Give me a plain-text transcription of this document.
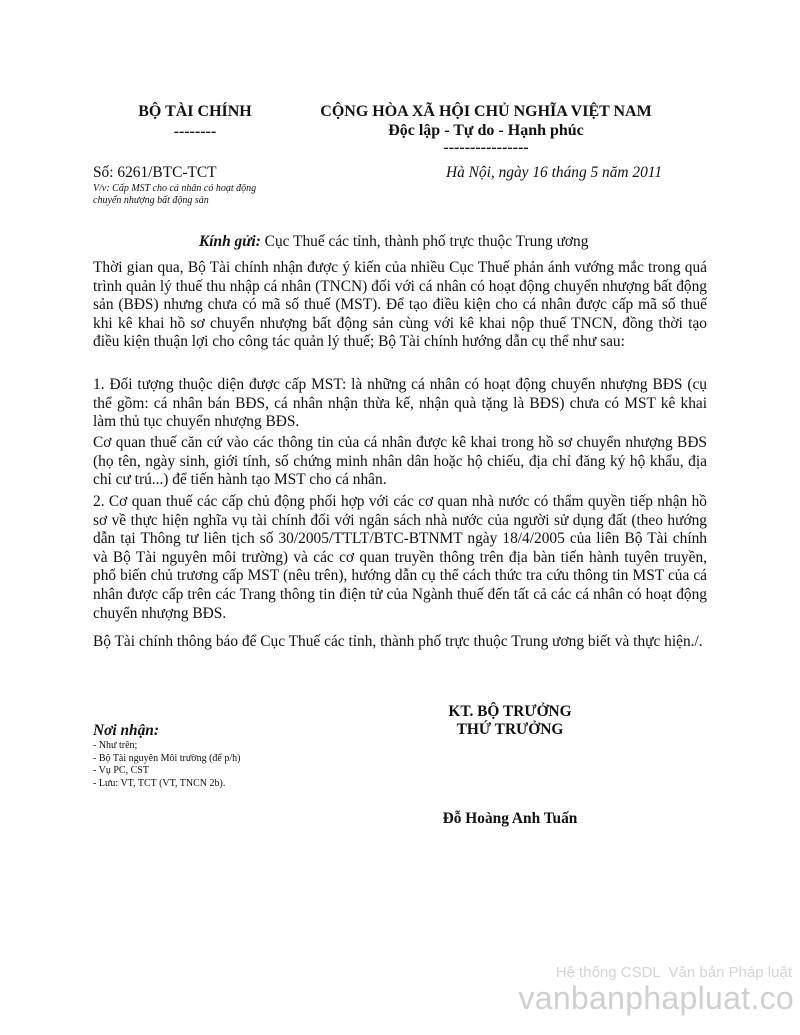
BỘ TÀI CHÍNH
--------
CỘNG HÒA XÃ HỘI CHỦ NGHĨA VIỆT NAM
Độc lập - Tự do - Hạnh phúc
----------------
Số: 6261/BTC-TCT
V/v: Cấp MST cho cá nhân có hoạt động
chuyển nhượng bất động sản
Hà Nội, ngày 16 tháng 5 năm 2011
Kính gửi: Cục Thuế các tỉnh, thành phố trực thuộc Trung ương
Thời gian qua, Bộ Tài chính nhận được ý kiến của nhiều Cục Thuế phản ánh vướng mắc trong quá trình quản lý thuế thu nhập cá nhân (TNCN) đối với cá nhân có hoạt động chuyển nhượng bất động sản (BĐS) nhưng chưa có mã số thuế (MST). Để tạo điều kiện cho cá nhân được cấp mã số thuế khi kê khai hồ sơ chuyển nhượng bất động sản cùng với kê khai nộp thuế TNCN, đồng thời tạo điều kiện thuận lợi cho công tác quản lý thuế; Bộ Tài chính hướng dẫn cụ thể như sau:
1. Đối tượng thuộc diện được cấp MST: là những cá nhân có hoạt động chuyển nhượng BĐS (cụ thể gồm: cá nhân bán BĐS, cá nhân nhận thừa kế, nhận quà tặng là BĐS) chưa có MST kê khai làm thủ tục chuyển nhượng BĐS.
Cơ quan thuế căn cứ vào các thông tin của cá nhân được kê khai trong hồ sơ chuyển nhượng BĐS (họ tên, ngày sinh, giới tính, số chứng minh nhân dân hoặc hộ chiếu, địa chỉ đăng ký hộ khẩu, địa chỉ cư trú...) để tiến hành tạo MST cho cá nhân.
2. Cơ quan thuế các cấp chủ động phối hợp với các cơ quan nhà nước có thẩm quyền tiếp nhận hồ sơ về thực hiện nghĩa vụ tài chính đối với ngân sách nhà nước của người sử dụng đất (theo hướng dẫn tại Thông tư liên tịch số 30/2005/TTLT/BTC-BTNMT ngày 18/4/2005 của liên Bộ Tài chính và Bộ Tài nguyên môi trường) và các cơ quan truyền thông trên địa bàn tiến hành tuyên truyền, phổ biến chủ trương cấp MST (nêu trên), hướng dẫn cụ thể cách thức tra cứu thông tin MST của cá nhân được cấp trên các Trang thông tin điện tử của Ngành thuế đến tất cả các cá nhân có hoạt động chuyển nhượng BĐS.
Bộ Tài chính thông báo để Cục Thuế các tỉnh, thành phố trực thuộc Trung ương biết và thực hiện./.
KT. BỘ TRƯỞNG
THỨ TRƯỞNG
Đỗ Hoàng Anh Tuấn
Nơi nhận:
- Như trên;
- Bộ Tài nguyên Môi trường (để p/h)
- Vụ PC, CST
- Lưu: VT, TCT (VT, TNCN 2b).
Hệ thống CSDL  Văn bản Pháp luật
vanbanphapluat.co
